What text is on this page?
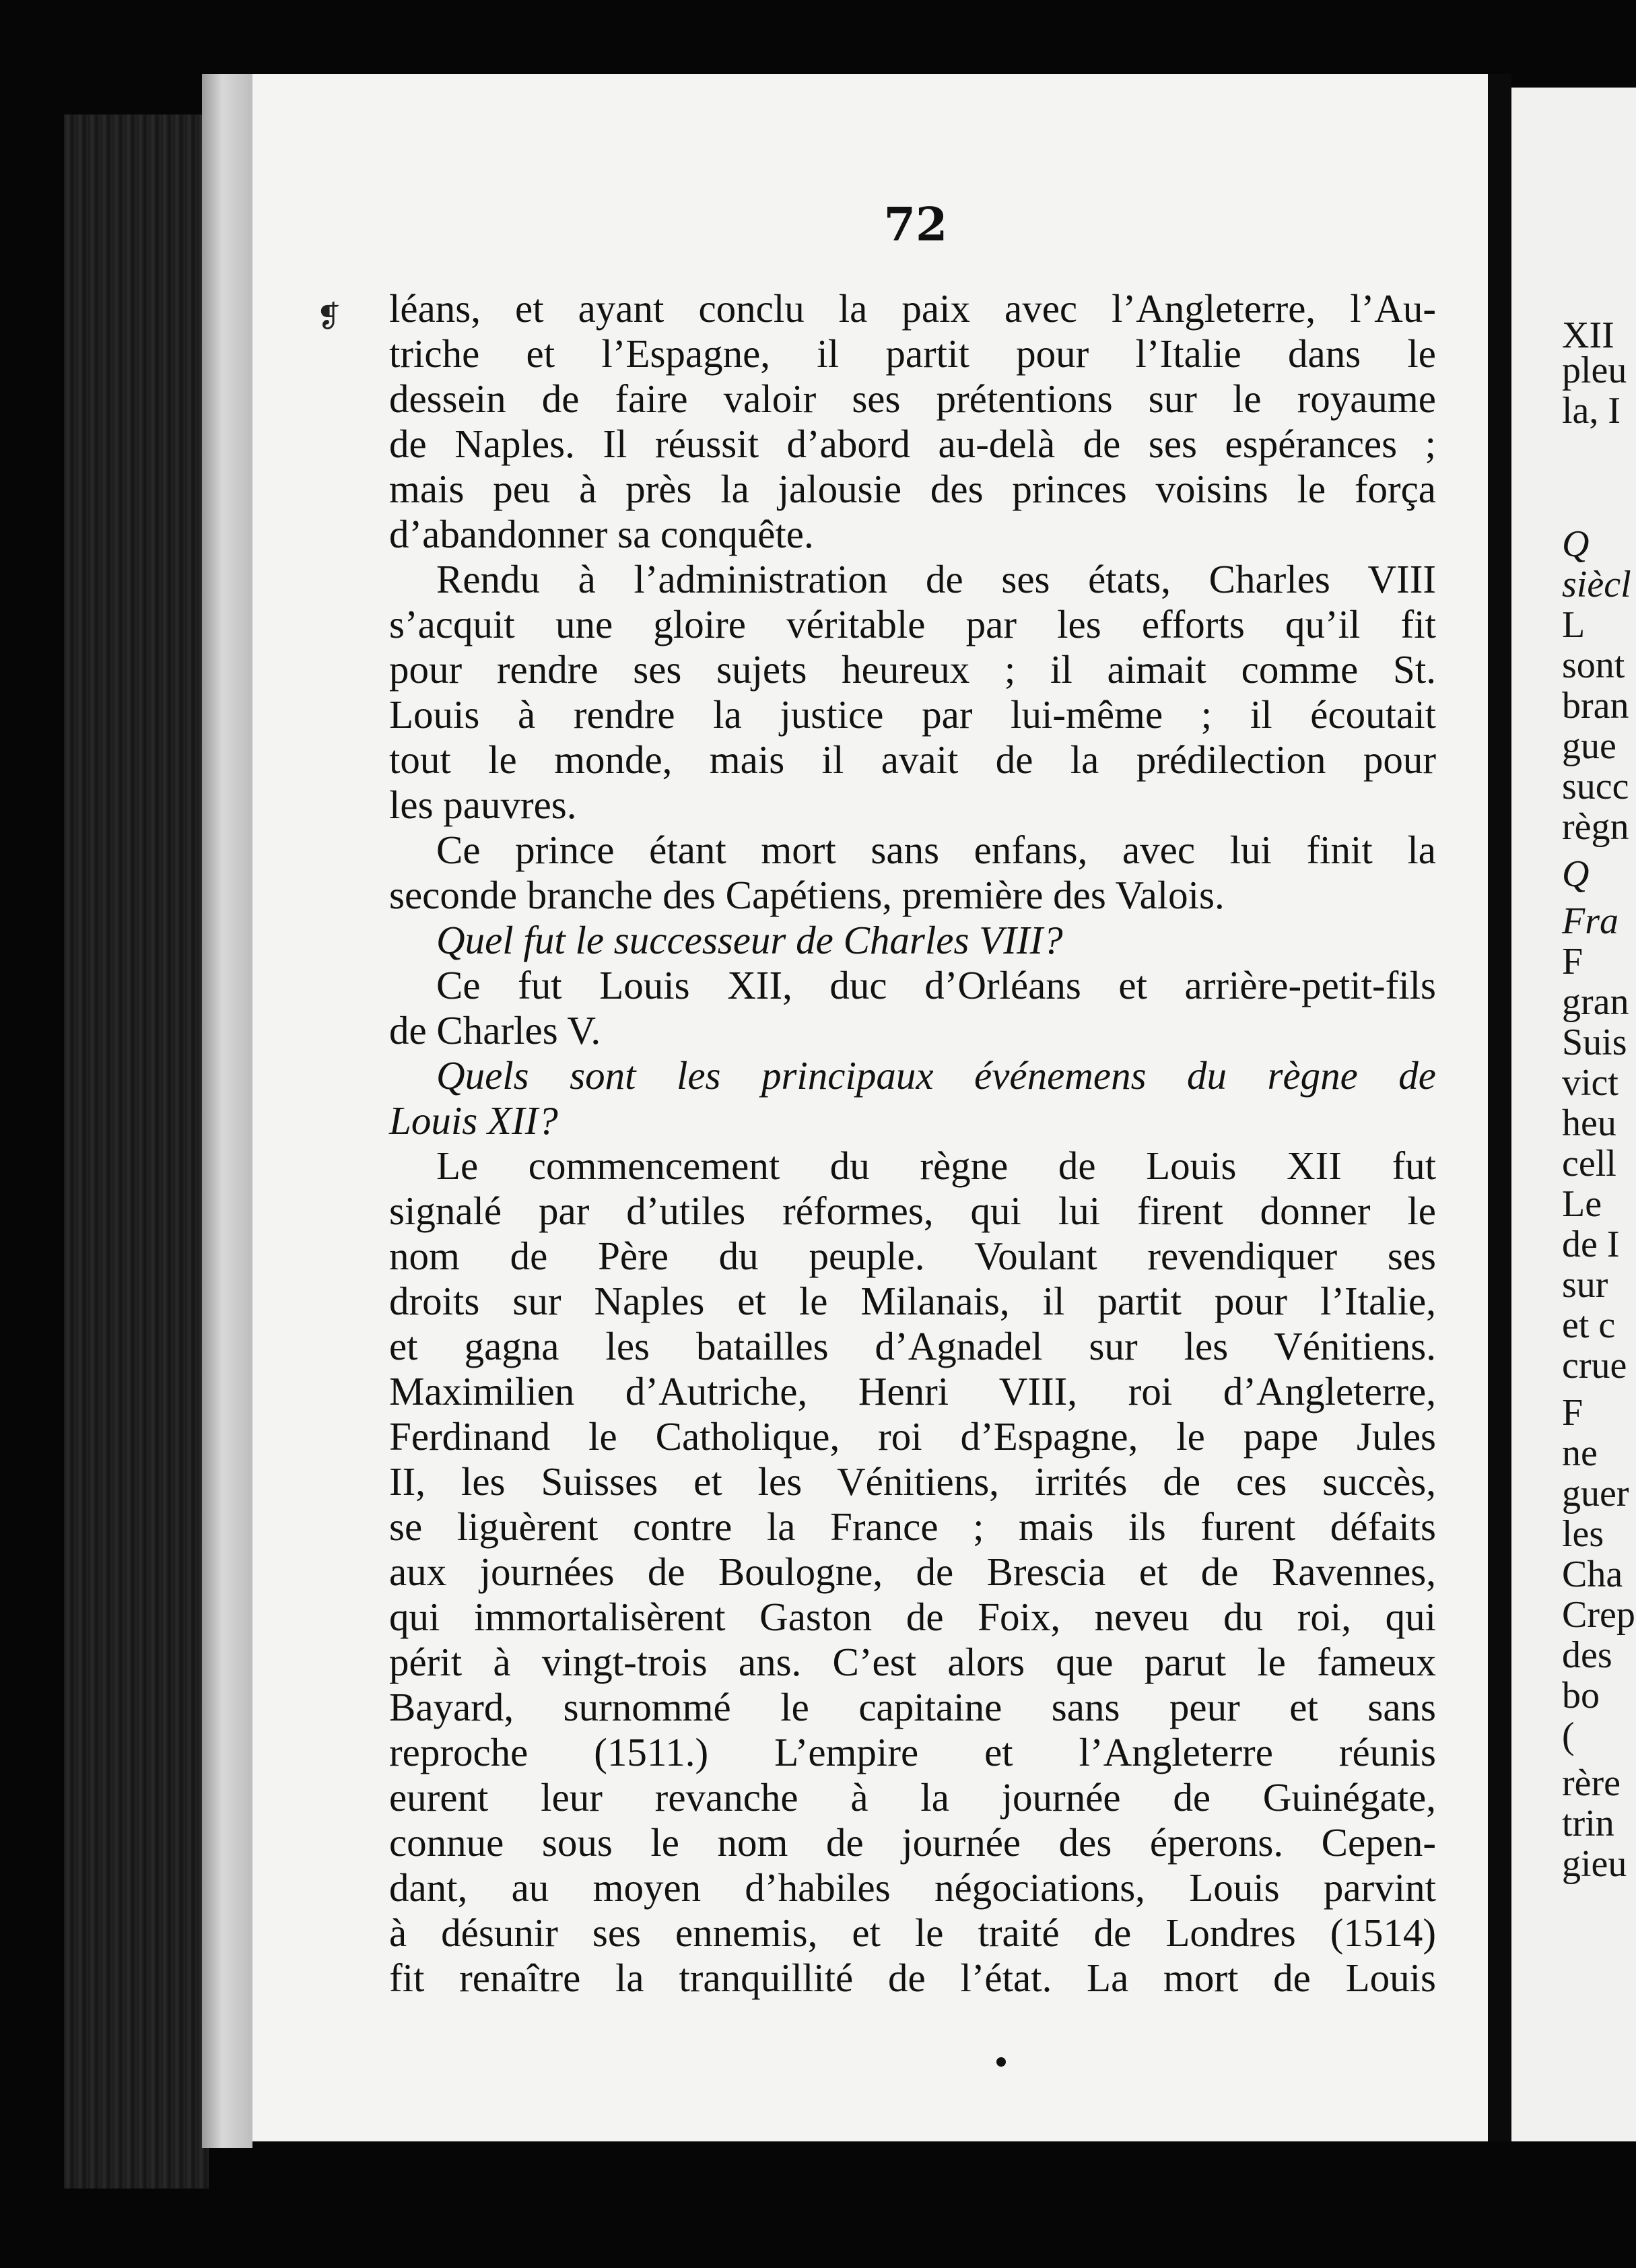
72
❡ léans, et ayant conclu la paix avec l’Angleterre, l’Au-
triche et l’Espagne, il partit pour l’Italie dans le
dessein de faire valoir ses prétentions sur le royaume
de Naples. Il réussit d’abord au-delà de ses espérances ;
mais peu à près la jalousie des princes voisins le força
d’abandonner sa conquête.
Rendu à l’administration de ses états, Charles VIII
s’acquit une gloire véritable par les efforts qu’il fit
pour rendre ses sujets heureux ; il aimait comme St.
Louis à rendre la justice par lui-même ; il écoutait
tout le monde, mais il avait de la prédilection pour
les pauvres.
Ce prince étant mort sans enfans, avec lui finit la
seconde branche des Capétiens, première des Valois.
Quel fut le successeur de Charles VIII?
Ce fut Louis XII, duc d’Orléans et arrière-petit-fils
de Charles V.
Quels sont les principaux événemens du règne de
Louis XII?
Le commencement du règne de Louis XII fut
signalé par d’utiles réformes, qui lui firent donner le
nom de Père du peuple. Voulant revendiquer ses
droits sur Naples et le Milanais, il partit pour l’Italie,
et gagna les batailles d’Agnadel sur les Vénitiens.
Maximilien d’Autriche, Henri VIII, roi d’Angleterre,
Ferdinand le Catholique, roi d’Espagne, le pape Jules
II, les Suisses et les Vénitiens, irrités de ces succès,
se liguèrent contre la France ; mais ils furent défaits
aux journées de Boulogne, de Brescia et de Ravennes,
qui immortalisèrent Gaston de Foix, neveu du roi, qui
périt à vingt-trois ans. C’est alors que parut le fameux
Bayard, surnommé le capitaine sans peur et sans
reproche (1511.) L’empire et l’Angleterre réunis
eurent leur revanche à la journée de Guinégate,
connue sous le nom de journée des éperons. Cepen-
dant, au moyen d’habiles négociations, Louis parvint
à désunir ses ennemis, et le traité de Londres (1514)
fit renaître la tranquillité de l’état. La mort de Louis
XII
pleu
la, I
Q
siècl
L
sont
bran
gue
succ
règn
Q
Fra
F
gran
Suis
vict
heu
cell
Le
de I
sur
et c
crue
F
ne
guer
les
Cha
Crep
des
bo
(
rère
trin
gieu
